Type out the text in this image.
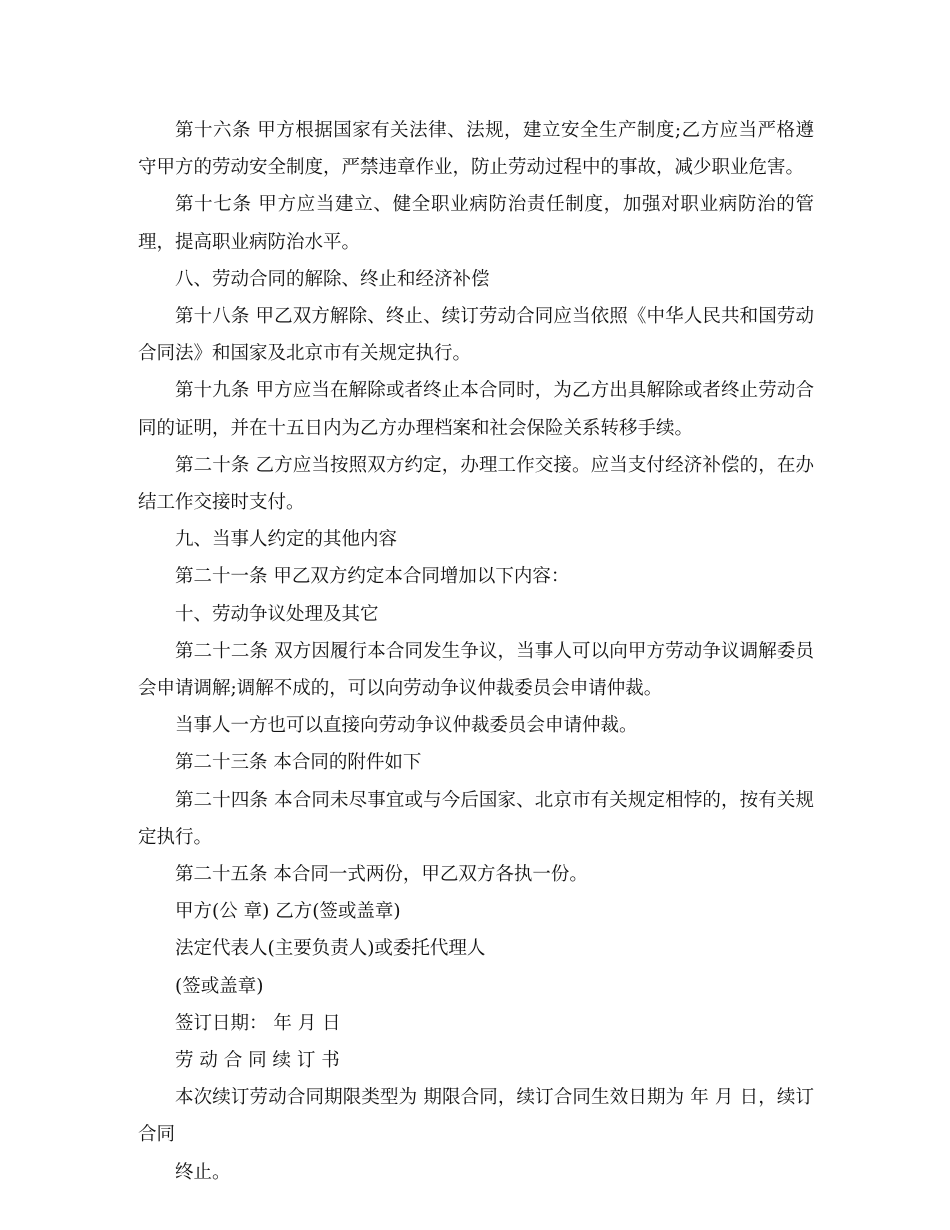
第十六条 甲方根据国家有关法律、法规，建立安全生产制度;乙方应当严格遵守甲方的劳动安全制度，严禁违章作业，防止劳动过程中的事故，减少职业危害。

第十七条 甲方应当建立、健全职业病防治责任制度，加强对职业病防治的管理，提高职业病防治水平。

八、劳动合同的解除、终止和经济补偿

第十八条 甲乙双方解除、终止、续订劳动合同应当依照《中华人民共和国劳动合同法》和国家及北京市有关规定执行。

第十九条 甲方应当在解除或者终止本合同时，为乙方出具解除或者终止劳动合同的证明，并在十五日内为乙方办理档案和社会保险关系转移手续。

第二十条 乙方应当按照双方约定，办理工作交接。应当支付经济补偿的，在办结工作交接时支付。

九、当事人约定的其他内容

第二十一条 甲乙双方约定本合同增加以下内容：

十、劳动争议处理及其它

第二十二条 双方因履行本合同发生争议，当事人可以向甲方劳动争议调解委员会申请调解;调解不成的，可以向劳动争议仲裁委员会申请仲裁。

当事人一方也可以直接向劳动争议仲裁委员会申请仲裁。

第二十三条 本合同的附件如下

第二十四条 本合同未尽事宜或与今后国家、北京市有关规定相悖的，按有关规定执行。

第二十五条 本合同一式两份，甲乙双方各执一份。

甲方(公 章) 乙方(签或盖章)

法定代表人(主要负责人)或委托代理人

(签或盖章)

签订日期： 年 月 日

劳 动 合 同 续 订 书

本次续订劳动合同期限类型为 期限合同，续订合同生效日期为 年 月 日，续订合同

终止。
